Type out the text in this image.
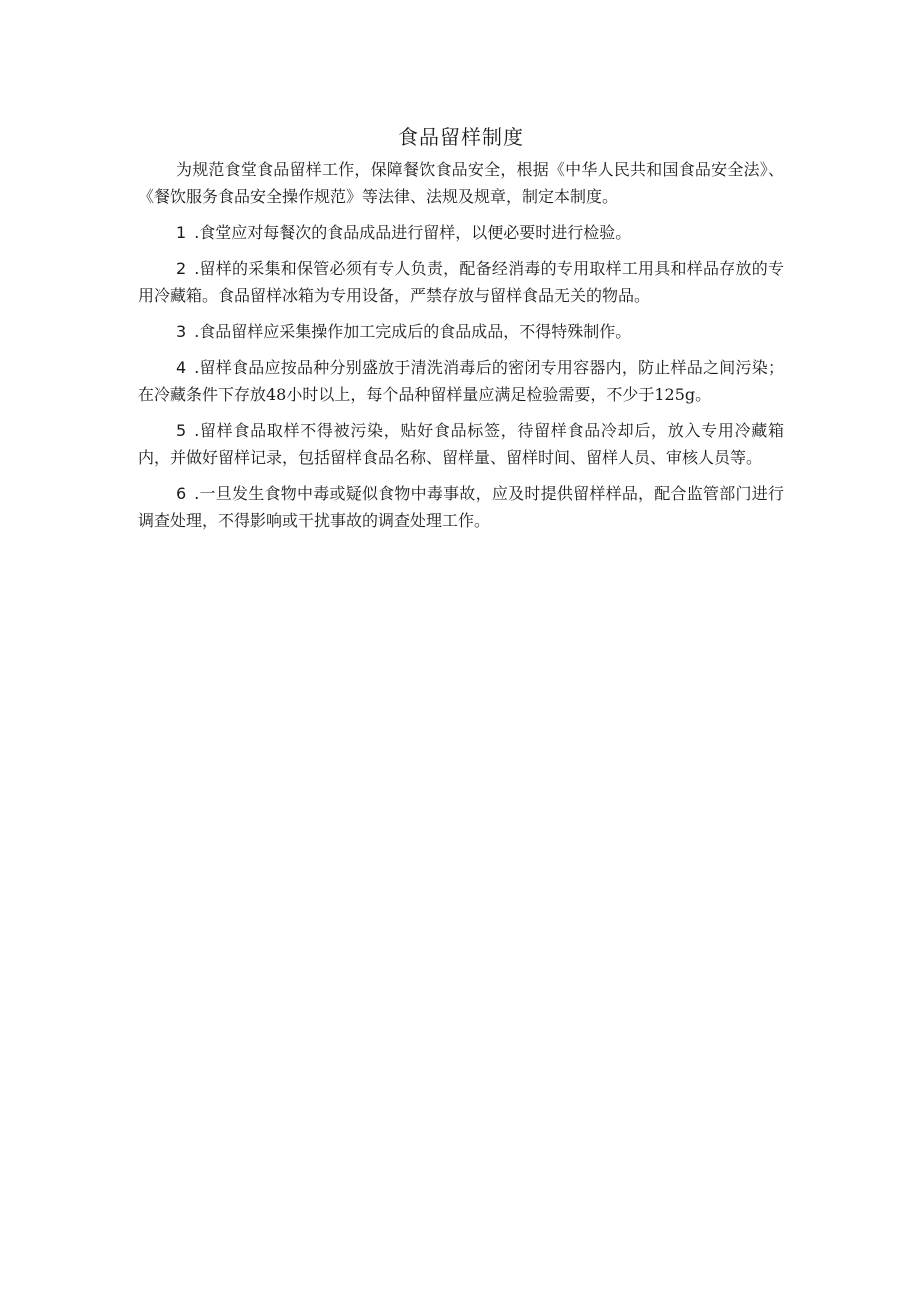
食品留样制度

为规范食堂食品留样工作，保障餐饮食品安全，根据《中华人民共和国食品安全法》、《餐饮服务食品安全操作规范》等法律、法规及规章，制定本制度。

1 .食堂应对每餐次的食品成品进行留样，以便必要时进行检验。

2 .留样的采集和保管必须有专人负责，配备经消毒的专用取样工用具和样品存放的专用冷藏箱。食品留样冰箱为专用设备，严禁存放与留样食品无关的物品。

3 .食品留样应采集操作加工完成后的食品成品，不得特殊制作。

4 .留样食品应按品种分别盛放于清洗消毒后的密闭专用容器内，防止样品之间污染；在冷藏条件下存放48小时以上，每个品种留样量应满足检验需要，不少于125g。

5 .留样食品取样不得被污染，贴好食品标签，待留样食品冷却后，放入专用冷藏箱内，并做好留样记录，包括留样食品名称、留样量、留样时间、留样人员、审核人员等。

6 .一旦发生食物中毒或疑似食物中毒事故，应及时提供留样样品，配合监管部门进行调查处理，不得影响或干扰事故的调查处理工作。
